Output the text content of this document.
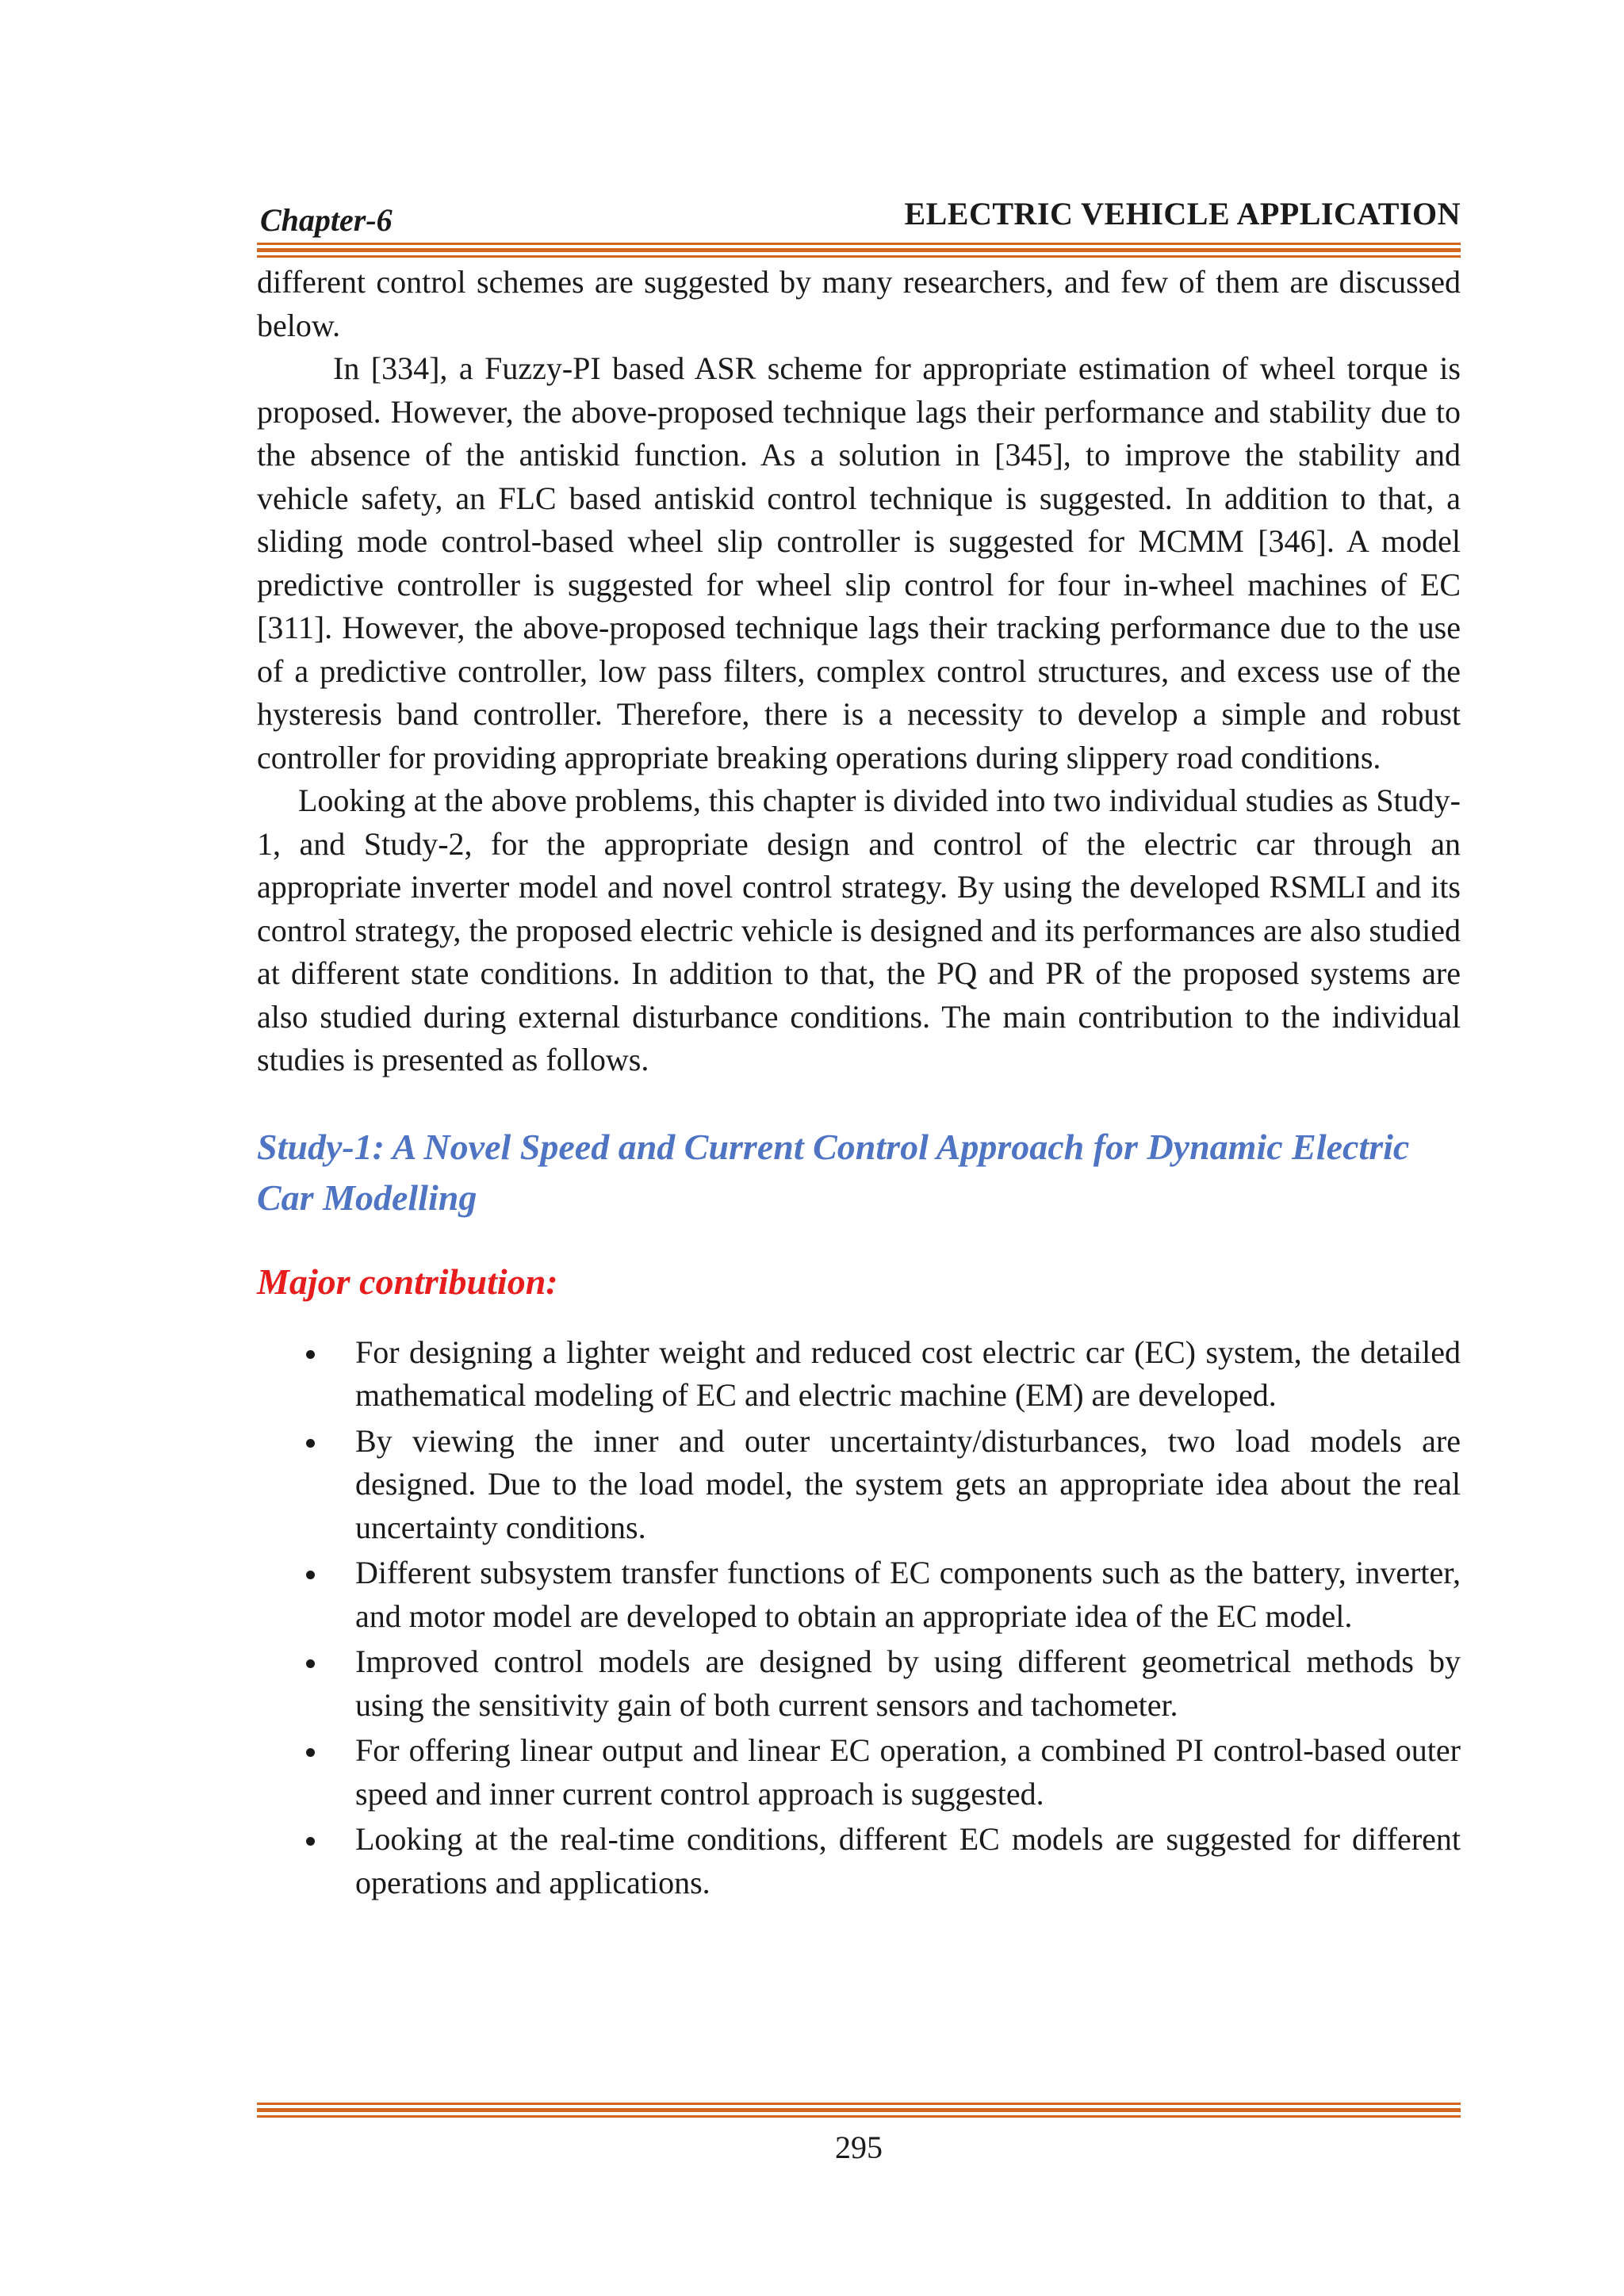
Chapter-6	ELECTRIC VEHICLE APPLICATION

different control schemes are suggested by many researchers, and few of them are discussed below.

In [334], a Fuzzy-PI based ASR scheme for appropriate estimation of wheel torque is proposed. However, the above-proposed technique lags their performance and stability due to the absence of the antiskid function. As a solution in [345], to improve the stability and vehicle safety, an FLC based antiskid control technique is suggested. In addition to that, a sliding mode control-based wheel slip controller is suggested for MCMM [346]. A model predictive controller is suggested for wheel slip control for four in-wheel machines of EC [311]. However, the above-proposed technique lags their tracking performance due to the use of a predictive controller, low pass filters, complex control structures, and excess use of the hysteresis band controller. Therefore, there is a necessity to develop a simple and robust controller for providing appropriate breaking operations during slippery road conditions.

Looking at the above problems, this chapter is divided into two individual studies as Study-1, and Study-2, for the appropriate design and control of the electric car through an appropriate inverter model and novel control strategy. By using the developed RSMLI and its control strategy, the proposed electric vehicle is designed and its performances are also studied at different state conditions. In addition to that, the PQ and PR of the proposed systems are also studied during external disturbance conditions. The main contribution to the individual studies is presented as follows.

Study-1: A Novel Speed and Current Control Approach for Dynamic Electric Car Modelling
Major contribution:
For designing a lighter weight and reduced cost electric car (EC) system, the detailed mathematical modeling of EC and electric machine (EM) are developed.
By viewing the inner and outer uncertainty/disturbances, two load models are designed. Due to the load model, the system gets an appropriate idea about the real uncertainty conditions.
Different subsystem transfer functions of EC components such as the battery, inverter, and motor model are developed to obtain an appropriate idea of the EC model.
Improved control models are designed by using different geometrical methods by using the sensitivity gain of both current sensors and tachometer.
For offering linear output and linear EC operation, a combined PI control-based outer speed and inner current control approach is suggested.
Looking at the real-time conditions, different EC models are suggested for different operations and applications.
295
